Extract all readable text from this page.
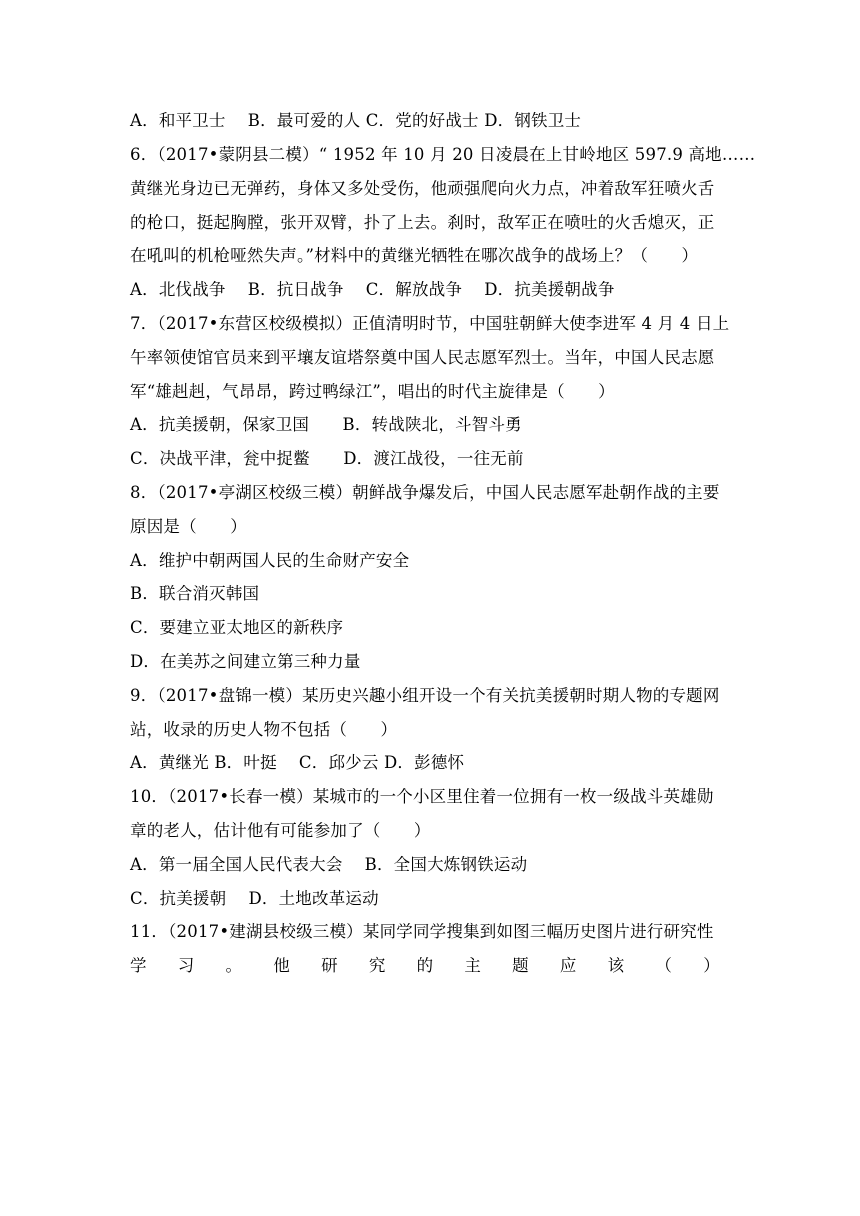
A．和平卫士　 B．最可爱的人 C．党的好战士 D．钢铁卫士
6．（2017•蒙阴县二模）“ 1952 年 10 月 20 日凌晨在上甘岭地区 597.9 高地……
黄继光身边已无弹药，身体又多处受伤，他顽强爬向火力点，冲着敌军狂喷火舌
的枪口，挺起胸膛，张开双臂，扑了上去。刹时，敌军正在喷吐的火舌熄灭，正
在吼叫的机枪哑然失声。”材料中的黄继光牺牲在哪次战争的战场上？（　　）
A．北伐战争　 B．抗日战争　 C．解放战争　 D．抗美援朝战争
7．（2017•东营区校级模拟）正值清明时节，中国驻朝鲜大使李进军 4 月 4 日上
午率领使馆官员来到平壤友谊塔祭奠中国人民志愿军烈士。当年，中国人民志愿
军“雄赳赳，气昂昂，跨过鸭绿江”，唱出的时代主旋律是（　　）
A．抗美援朝，保家卫国　　B．转战陕北，斗智斗勇
C．决战平津，瓮中捉鳖　　D．渡江战役，一往无前
8．（2017•亭湖区校级三模）朝鲜战争爆发后，中国人民志愿军赴朝作战的主要
原因是（　　）
A．维护中朝两国人民的生命财产安全
B．联合消灭韩国
C．要建立亚太地区的新秩序
D．在美苏之间建立第三种力量
9．（2017•盘锦一模）某历史兴趣小组开设一个有关抗美援朝时期人物的专题网
站，收录的历史人物不包括（　　）
A．黄继光 B．叶挺　 C．邱少云 D．彭德怀
10．（2017•长春一模）某城市的一个小区里住着一位拥有一枚一级战斗英雄勋
章的老人，估计他有可能参加了（　　）
A．第一届全国人民代表大会　 B．全国大炼钢铁运动
C．抗美援朝　 D．土地改革运动
11．（2017•建湖县校级三模）某同学同学搜集到如图三幅历史图片进行研究性
学 习 。 他 研 究 的 主 题 应 该 （ ）
